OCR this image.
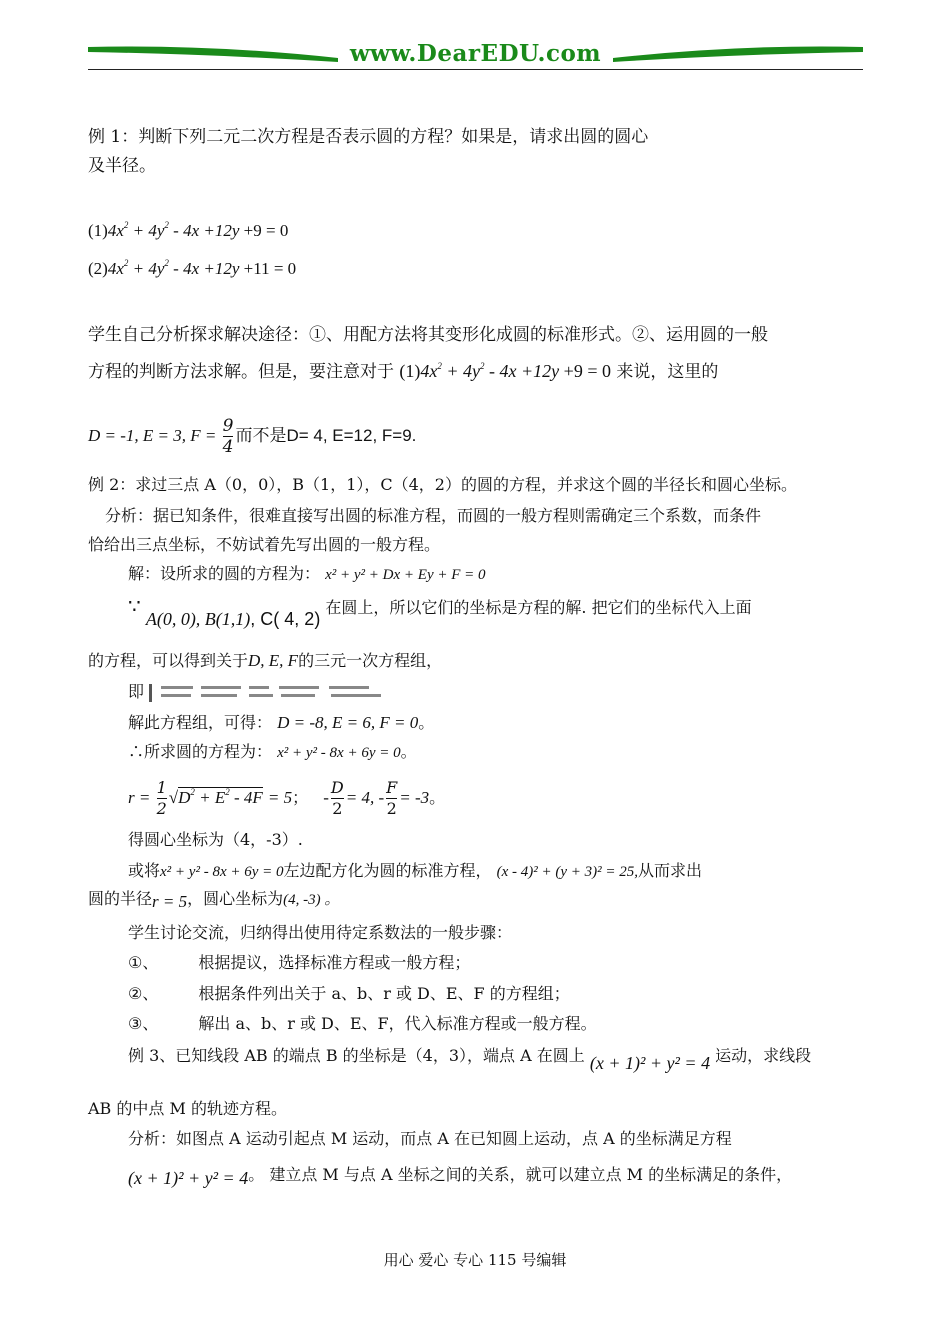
www.DearEDU.com
例 1：判断下列二元二次方程是否表示圆的方程？如果是，请求出圆的圆心
及半径。
$(1)4x^2 + 4y^2 - 4x +12y +9 = 0$
$(2)4x^2 + 4y^2 - 4x +12y +11 = 0$
学生自己分析探求解决途径：①、用配方法将其变形化成圆的标准形式。②、运用圆的一般
方程的判断方法求解。但是，要注意对于 $(1)4x^2 + 4y^2 - 4x +12y +9 = 0$ 来说，这里的
D = -1, E = 3, $F = \frac{9}{4}$ 而不是D= 4, E=12, F=9.
例 2：求过三点 A（0，0），B（1，1），C（4，2）的圆的方程，并求这个圆的半径长和圆心坐标。
分析：据已知条件，很难直接写出圆的标准方程，而圆的一般方程则需确定三个系数，而条件
恰给出三点坐标，不妨试着先写出圆的一般方程。
解：设所求的圆的方程为： x² + y² + Dx + Ey + F = 0
∵ A(0, 0), B(1,1), C( 4, 2) 在圆上，所以它们的坐标是方程的解. 把它们的坐标代入上面
的方程，可以得到关于D, E, F的三元一次方程组，
即
解此方程组，可得： D = -8, E = 6, F = 0。
∴所求圆的方程为： x² + y² - 8x + 6y = 0。
$r = \frac{1}{2} √D^2 + E^2 - 4F = 5$； - $\frac{D}{2} = 4$, - $\frac{F}{2} = -3$。
得圆心坐标为（4，-3）.
或将x² + y² - 8x + 6y = 0左边配方化为圆的标准方程， (x - 4)² + (y + 3)² = 25,从而求出
圆的半径r = 5，圆心坐标为(4, -3) 。
学生讨论交流，归纳得出使用待定系数法的一般步骤：
①、	根据提议，选择标准方程或一般方程；
②、	根据条件列出关于 a、b、r 或 D、E、F 的方程组；
③、	解出 a、b、r 或 D、E、F，代入标准方程或一般方程。
例 3、已知线段 AB 的端点 B 的坐标是（4，3），端点 A 在圆上 (x + 1)² + y² = 4 运动，求线段
AB 的中点 M 的轨迹方程。
分析：如图点 A 运动引起点 M 运动，而点 A 在已知圆上运动，点 A 的坐标满足方程
(x + 1)² + y² = 4。 建立点 M 与点 A 坐标之间的关系，就可以建立点 M 的坐标满足的条件，
用心 爱心 专心 115 号编辑
